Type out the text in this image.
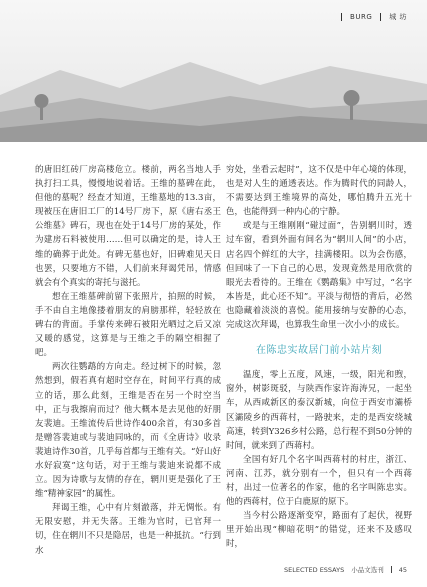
BURG 城 坊

的唐旧红砖厂房高楼危立。楼前，两名当地人手执打扫工具，慢慢地说着话。王维的墓碑在此，但他的墓呢？经查才知道，王维墓地的13.3亩，现被压在唐旧工厂的14号厂房下，原《唐右丞王公维墓》碑石，现也在处于14号厂房的某处，作为建房石料被使用……但可以确定的是，诗人王维的确葬于此处。有碑无墓也好，旧碑难见天日也罢，只要地方不错，人们前来拜谒凭吊，情感就会有个真实的寄托与滋托。

想在王维墓碑前留下张照片，拍照的时候，手不由自主地像搂着朋友的肩膀那样，轻轻放在碑右的背面。手掌传来碑石被阳光晒过之后又凉又暖的感觉，这算是与王维之手的隔空相握了吧。

两次往鹦鹉的方向走。经过树下的时候，忽然想到，假若真有超时空存在，时间平行真的成立的话，那么此刻，王维是否在另一个时空当中，正与我擦肩而过？他大概本是去见他的好朋友裴迪。王维流传后世诗作400余首，有30多首是赠答裴迪或与裴迪同咏的，而《全唐诗》收录裴迪诗作30首，几乎每首都与王维有关。“好山好水好寂寞”这句话，对于王维与裴迪来说都不成立。因为诗歌与友情的存在，辋川更是强化了王维“精神家园”的属性。

拜谒王维，心中有片刻澈落，并无惆怅。有无限安慰，并无失落。王维为官时，已官拜一切，住在辋川不只是隐居，也是一种抵抗。“行到水

穷处，坐看云起时”，这不仅是中年心境的体现，也是对人生的通透表达。作为腾时代的同龄人，不需要达到王维境界的高处，哪怕腾升五光十色，也能得到一种内心的宁静。

或是与王维刚刚“碰过面”，告别辋川时，透过车窗，看到外面有间名为“辋川人间”的小店，店名四个鲜红的大字，挂满楼阳。以为会伤感，但回味了一下自己的心思，发现竟然是用欣赏的眼光去看待的。王维在《鹦鹉集》中写过，“名字本皆是，此心还不知”。平淡与彻悟的背后，必然也隐藏着淡淡的喜悦。能用接纳与安静的心态，完成这次拜谒，也算我生命里一次小小的成长。

在陈忠实故居门前小站片刻

温度，零上五度，风速，一级，阳光和煦，窗外，树影斑驳，与陕西作家许海涛兄，一起坐车，从西咸新区的泰汉新城，向位于西安市灞桥区灞陵乡的西蒋村，一路驶来，走的是西安绕城高速，转到Y326乡村公路，总行程不到50分钟的时间，就来到了西蒋村。

全国有好几个名字叫西蒋村的村庄，浙江、河南、江苏，就分别有一个，但只有一个西蒋村，出过一位著名的作家，他的名字叫陈忠实。他的西蒋村，位于白鹿原的原下。

当今村公路逐渐变窄，路面有了起伏，视野里开始出现“柳暗花明”的错觉，还来不及感叹时，

SELECTED ESSAYS 小品文选刊 45
